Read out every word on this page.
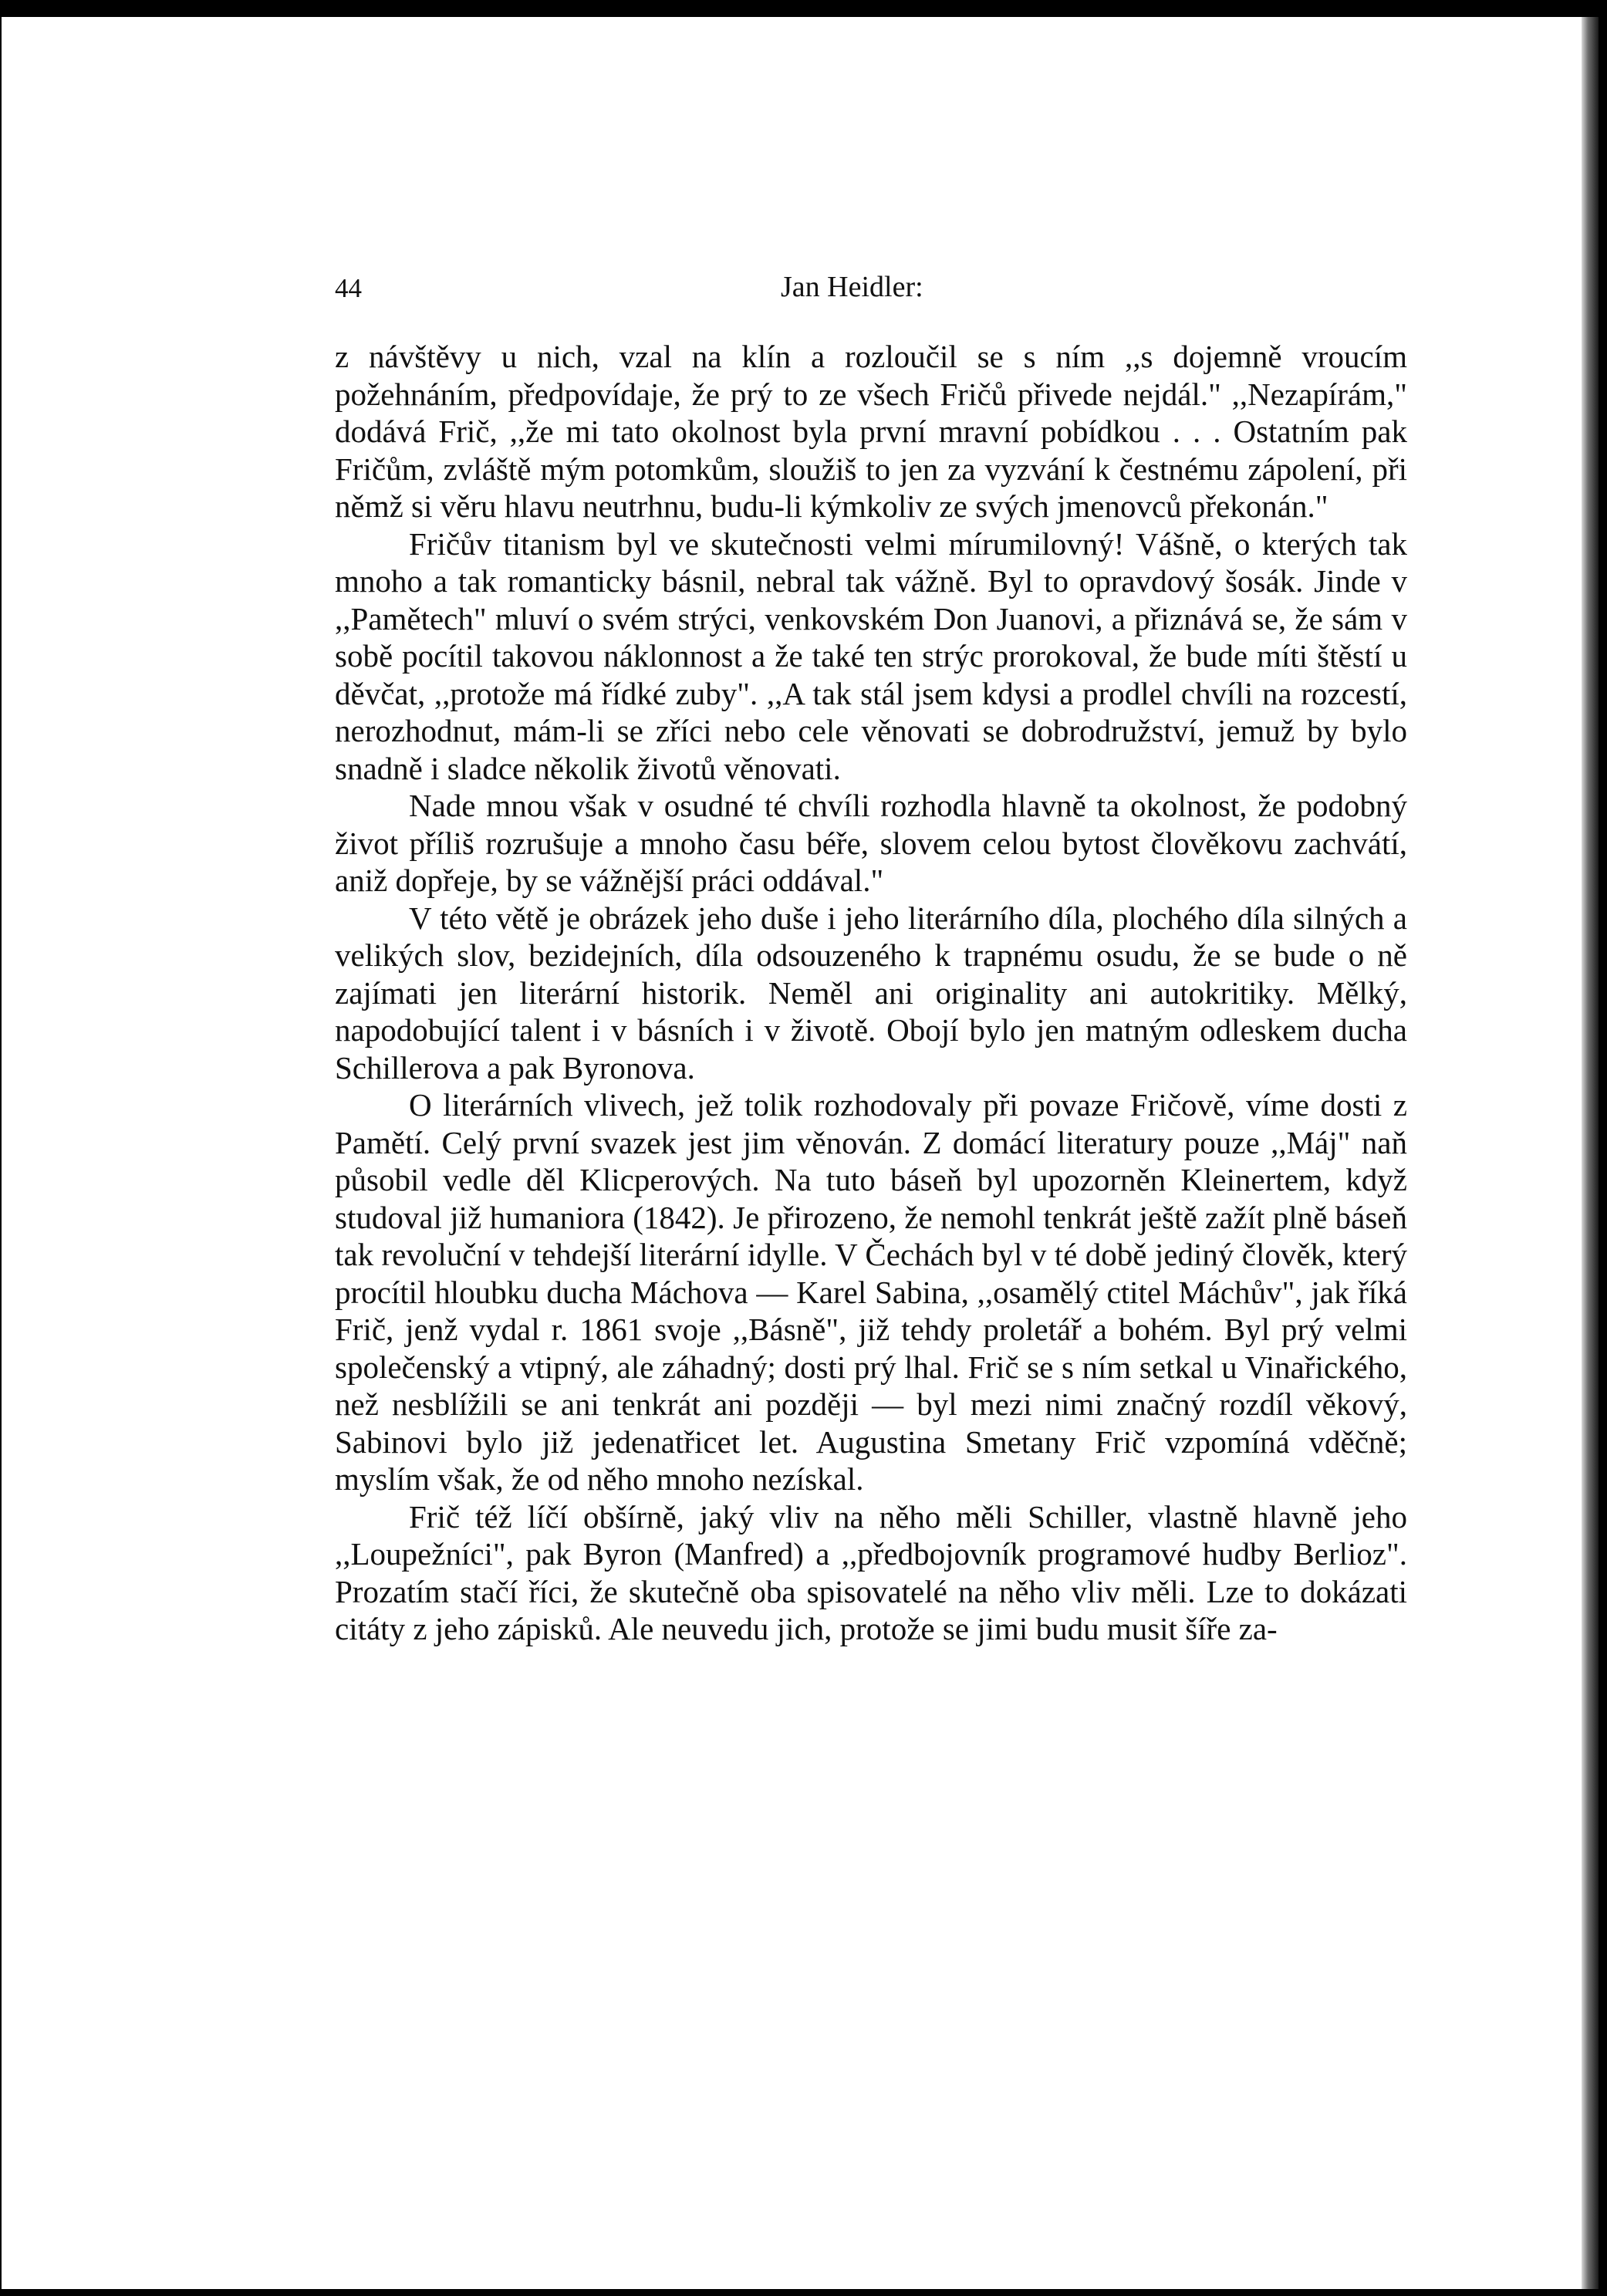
44	Jan Heidler:

z návštěvy u nich, vzal na klín a rozloučil se s ním ,,s dojemně vroucím požehnáním, předpovídaje, že prý to ze všech Fričů přivede nejdál." ,,Nezapírám," dodává Frič, ,,že mi tato okolnost byla první mravní pobídkou . . . Ostatním pak Fričům, zvláště mým potomkům, sloužiš to jen za vyzvání k čestnému zápolení, při němž si věru hlavu neutrhnu, budu-li kýmkoliv ze svých jmenovců překonán."

Fričův titanism byl ve skutečnosti velmi mírumilovný! Vášně, o kterých tak mnoho a tak romanticky básnil, nebral tak vážně. Byl to opravdový šosák. Jinde v ,,Pamětech" mluví o svém strýci, venkovském Don Juanovi, a přiznává se, že sám v sobě pocítil takovou náklonnost a že také ten strýc prorokoval, že bude míti štěstí u děvčat, ,,protože má řídké zuby". ,,A tak stál jsem kdysi a prodlel chvíli na rozcestí, nerozhodnut, mám-li se zříci nebo cele věnovati se dobrodružství, jemuž by bylo snadně i sladce několik životů věnovati.

Nade mnou však v osudné té chvíli rozhodla hlavně ta okolnost, že podobný život příliš rozrušuje a mnoho času béře, slovem celou bytost člověkovu zachvátí, aniž dopřeje, by se vážnější práci oddával."

V této větě je obrázek jeho duše i jeho literárního díla, plochého díla silných a velikých slov, bezidejních, díla odsouzeného k trapnému osudu, že se bude o ně zajímati jen literární historik. Neměl ani originality ani autokritiky. Mělký, napodobující talent i v básních i v životě. Obojí bylo jen matným odleskem ducha Schillerova a pak Byronova.

O literárních vlivech, jež tolik rozhodovaly při povaze Fričově, víme dosti z Pamětí. Celý první svazek jest jim věnován. Z domácí literatury pouze ,,Máj" naň působil vedle děl Klicperových. Na tuto báseň byl upozorněn Kleinertem, když studoval již humaniora (1842). Je přirozeno, že nemohl tenkrát ještě zažít plně báseň tak revoluční v tehdejší literární idylle. V Čechách byl v té době jediný člověk, který procítil hloubku ducha Máchova — Karel Sabina, ,,osamělý ctitel Máchův", jak říká Frič, jenž vydal r. 1861 svoje ,,Básně", již tehdy proletář a bohém. Byl prý velmi společenský a vtipný, ale záhadný; dosti prý lhal. Frič se s ním setkal u Vinařického, než nesblížili se ani tenkrát ani později — byl mezi nimi značný rozdíl věkový, Sabinovi bylo již jedenatřicet let. Augustina Smetany Frič vzpomíná vděčně; myslím však, že od něho mnoho nezískal.

Frič též líčí obšírně, jaký vliv na něho měli Schiller, vlastně hlavně jeho ,,Loupežníci", pak Byron (Manfred) a ,,předbojovník programové hudby Berlioz". Prozatím stačí říci, že skutečně oba spisovatelé na něho vliv měli. Lze to dokázati citáty z jeho zápisků. Ale neuvedu jich, protože se jimi budu musit šíře za-
